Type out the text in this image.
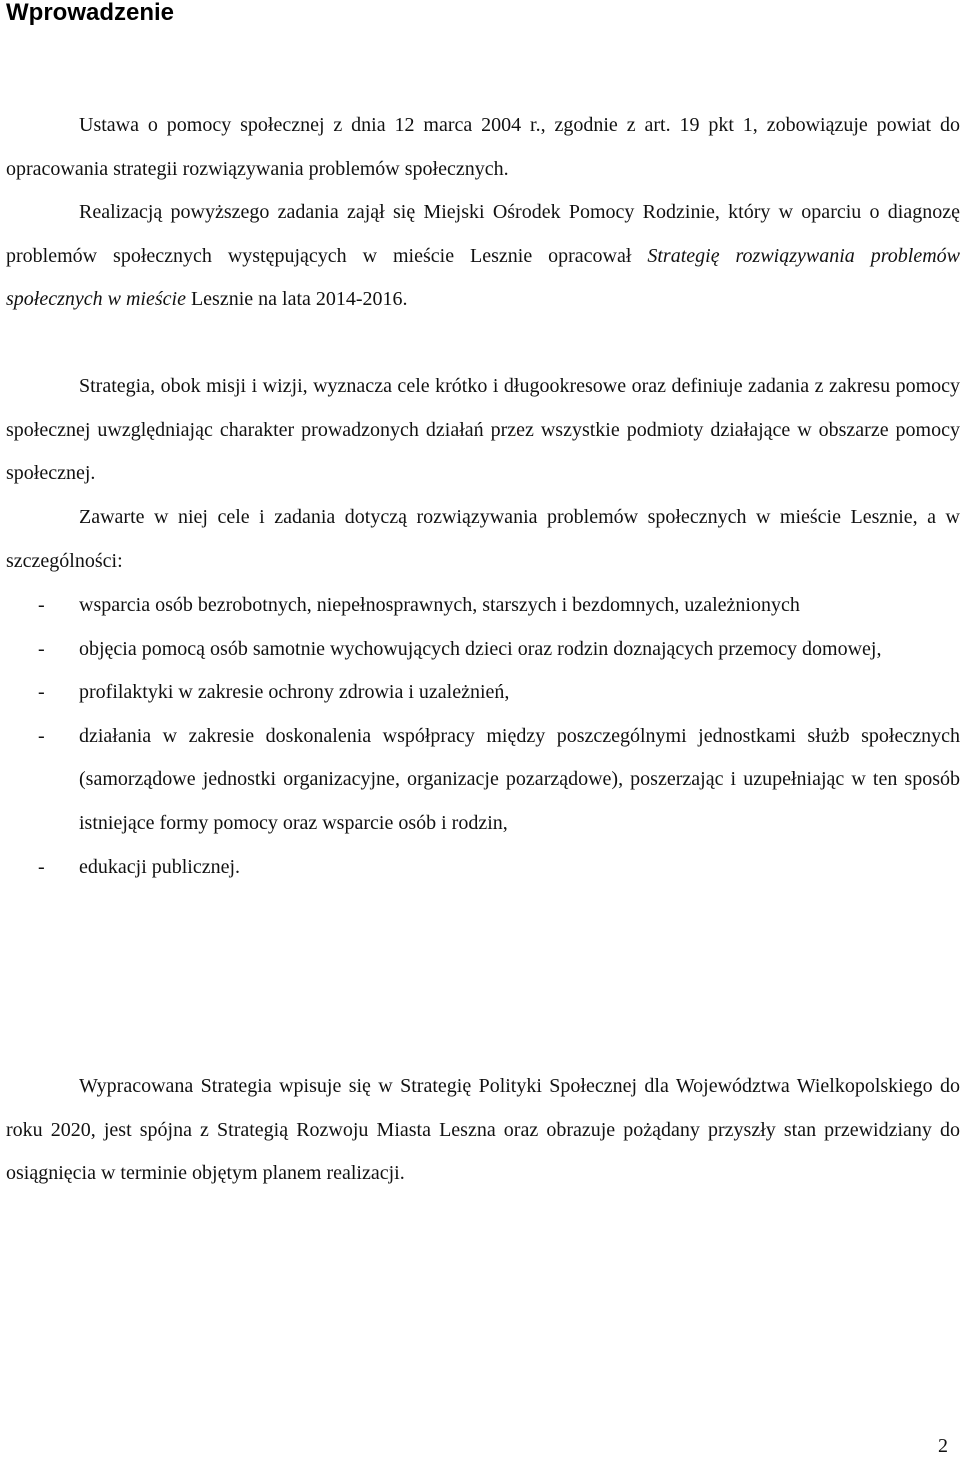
Wprowadzenie

Ustawa o pomocy społecznej z dnia 12 marca 2004 r., zgodnie z art. 19 pkt 1, zobowiązuje powiat do opracowania strategii rozwiązywania problemów społecznych.

Realizacją powyższego zadania zajął się Miejski Ośrodek Pomocy Rodzinie, który w oparciu o diagnozę problemów społecznych występujących w mieście Lesznie opracował Strategię rozwiązywania problemów społecznych w mieście Lesznie na lata 2014-2016.

Strategia, obok misji i wizji, wyznacza cele krótko i długookresowe oraz definiuje zadania z zakresu pomocy społecznej uwzględniając charakter prowadzonych działań przez wszystkie podmioty działające w obszarze pomocy społecznej.

Zawarte w niej cele i zadania dotyczą rozwiązywania problemów społecznych w mieście Lesznie, a w szczególności:

- wsparcia osób bezrobotnych, niepełnosprawnych, starszych i bezdomnych, uzależnionych
- objęcia pomocą osób samotnie wychowujących dzieci oraz rodzin doznających przemocy domowej,
- profilaktyki w zakresie ochrony zdrowia i uzależnień,
- działania w zakresie doskonalenia współpracy między poszczególnymi jednostkami służb społecznych (samorządowe jednostki organizacyjne, organizacje pozarządowe), poszerzając i uzupełniając w ten sposób istniejące formy pomocy oraz wsparcie osób i rodzin,
- edukacji publicznej.

Wypracowana Strategia wpisuje się w Strategię Polityki Społecznej dla Województwa Wielkopolskiego do roku 2020, jest spójna z Strategią Rozwoju Miasta Leszna oraz obrazuje pożądany przyszły stan przewidziany do osiągnięcia w terminie objętym planem realizacji.

2
